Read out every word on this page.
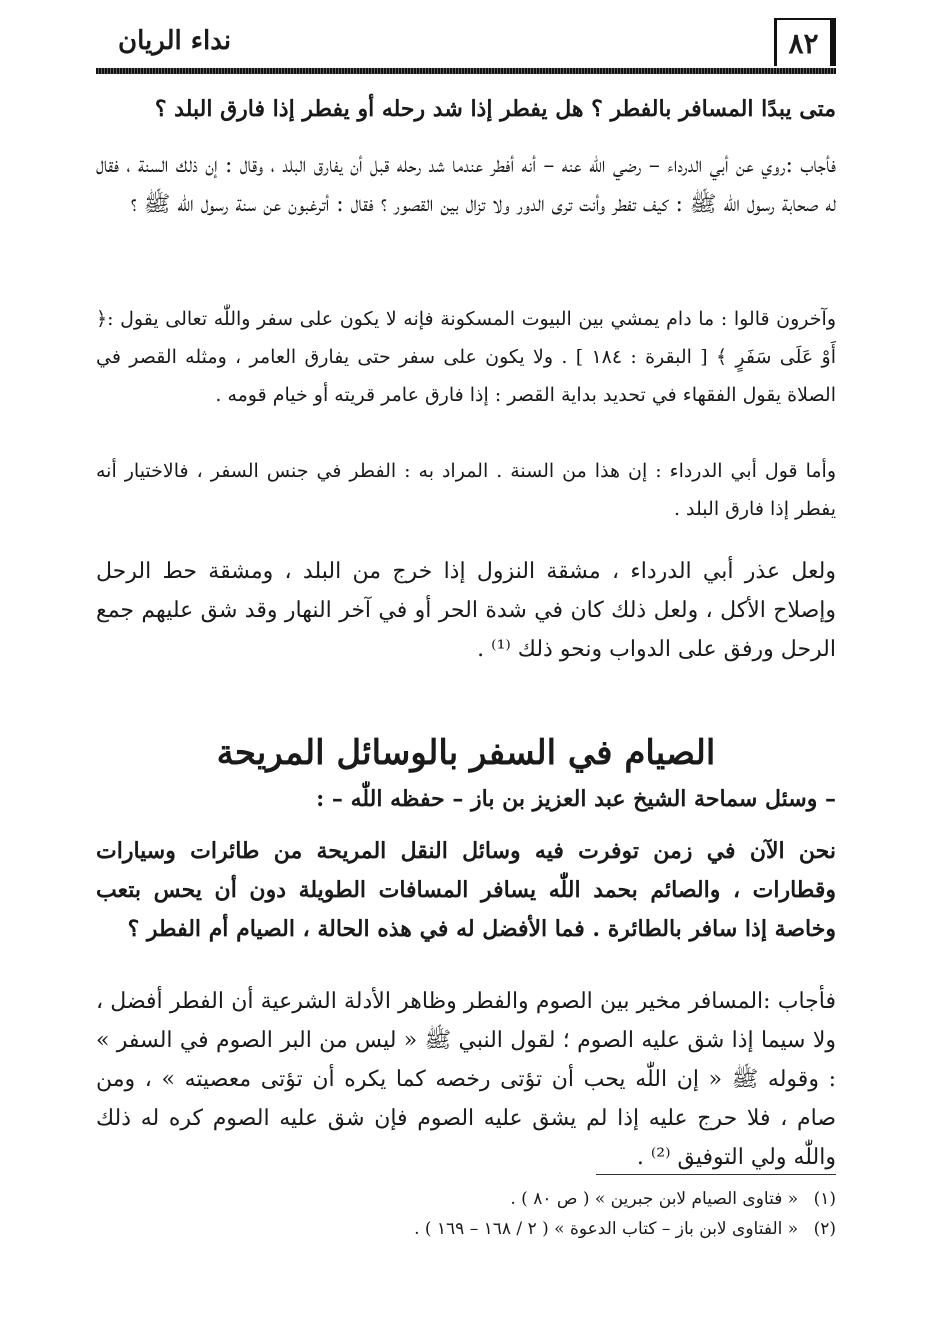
٨٢
نداء الريان

متى يبدًا المسافر بالفطر ؟ هل يفطر إذا شد رحله أو يفطر إذا فارق البلد ؟

فأجاب :روي عن أبي الدرداء – رضي اللّٰه عنه – أنه أفطر عندما شد رحله قبل أن يفارق البلد ، وقال : إن ذلك السنة ، فقال له صحابة رسول اللّٰه ﷺ : كيف تفطر وأنت ترى الدور ولا تزال بين القصور ؟ فقال : أترغبون عن سنة رسول اللّٰه ﷺ ؟

وآخرون قالوا : ما دام يمشي بين البيوت المسكونة فإنه لا يكون على سفر واللّٰه تعالى يقول :﴿ أَوْ عَلَى سَفَرٍ ﴾ [ البقرة : ١٨٤ ] . ولا يكون على سفر حتى يفارق العامر ، ومثله القصر في الصلاة يقول الفقهاء في تحديد بداية القصر : إذا فارق عامر قريته أو خيام قومه .

وأما قول أبي الدرداء : إن هذا من السنة . المراد به : الفطر في جنس السفر ، فالاختيار أنه يفطر إذا فارق البلد .

ولعل عذر أبي الدرداء ، مشقة النزول إذا خرج من البلد ، ومشقة حط الرحل وإصلاح الأكل ، ولعل ذلك كان في شدة الحر أو في آخر النهار وقد شق عليهم جمع الرحل ورفق على الدواب ونحو ذلك ⁽¹⁾ .

الصيام في السفر بالوسائل المريحة

– وسئل سماحة الشيخ عبد العزيز بن باز – حفظه اللّٰه – :

نحن الآن في زمن توفرت فيه وسائل النقل المريحة من طائرات وسيارات وقطارات ، والصائم بحمد اللّٰه يسافر المسافات الطويلة دون أن يحس بتعب وخاصة إذا سافر بالطائرة . فما الأفضل له في هذه الحالة ، الصيام أم الفطر ؟

فأجاب :المسافر مخير بين الصوم والفطر وظاهر الأدلة الشرعية أن الفطر أفضل ، ولا سيما إذا شق عليه الصوم ؛ لقول النبي ﷺ « ليس من البر الصوم في السفر » : وقوله ﷺ « إن اللّٰه يحب أن تؤتى رخصه كما يكره أن تؤتى معصيته » ، ومن صام ، فلا حرج عليه إذا لم يشق عليه الصوم فإن شق عليه الصوم كره له ذلك واللّٰه ولي التوفيق ⁽²⁾ .

(١) « فتاوى الصيام لابن جبرين » ( ص ٨٠ ) .

(٢) « الفتاوى لابن باز – كتاب الدعوة » ( ٢ / ١٦٨ – ١٦٩ ) .
